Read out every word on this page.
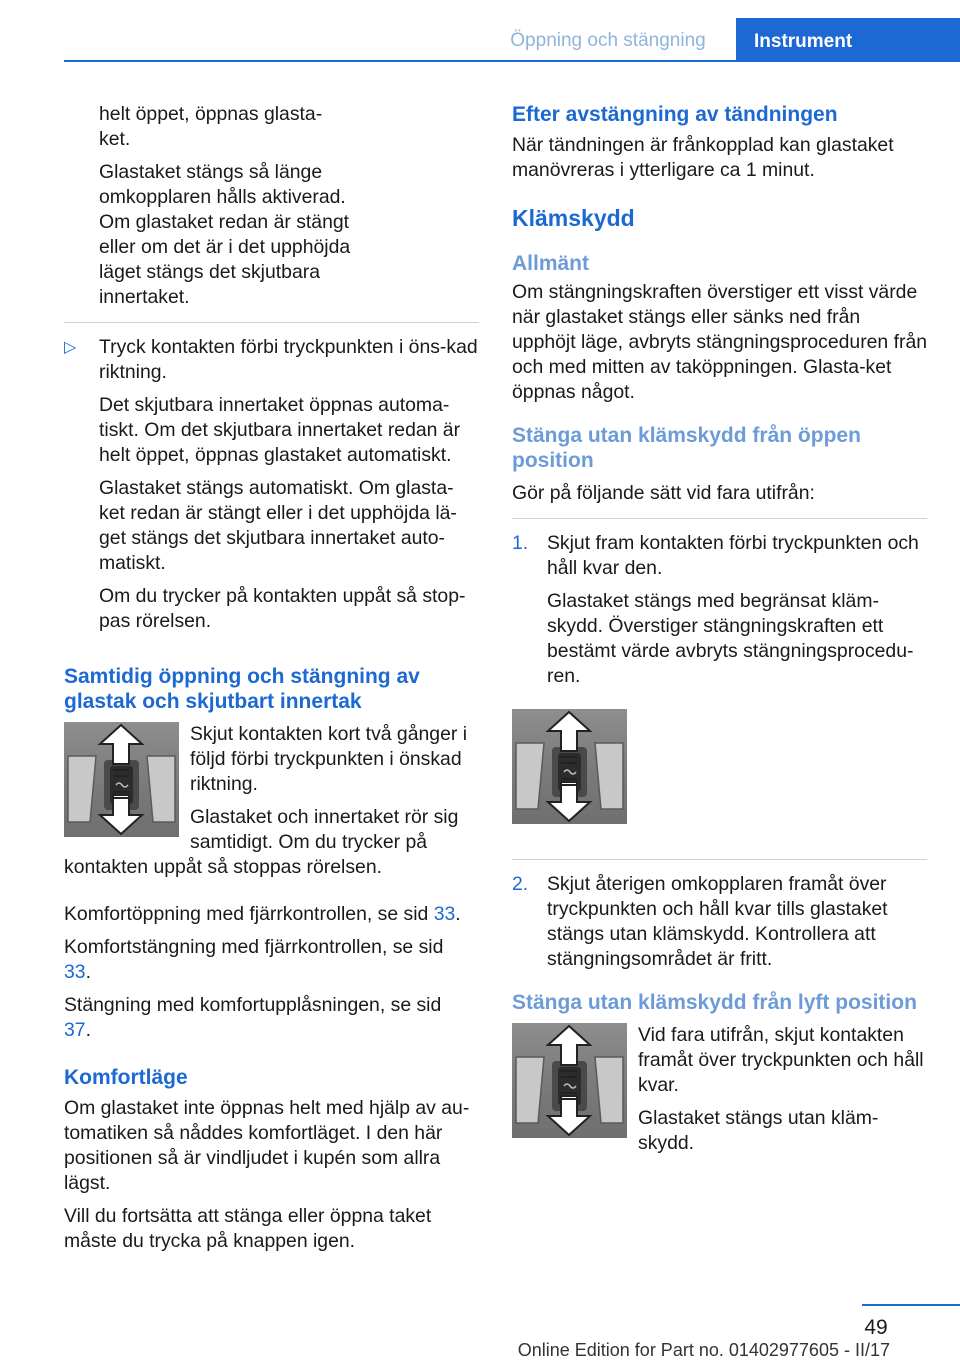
Öppning och stängning	Instrument

helt öppet, öppnas glasta-ket.

Glastaket stängs så länge omkopplaren hålls aktiverad. Om glastaket redan är stängt eller om det är i det upphöjda läget stängs det skjutbara innertaket.

▷ Tryck kontakten förbi tryckpunkten i öns-kad riktning.

Det skjutbara innertaket öppnas automa-tiskt. Om det skjutbara innertaket redan är helt öppet, öppnas glastaket automatiskt.

Glastaket stängs automatiskt. Om glasta-ket redan är stängt eller i det upphöjda lä-get stängs det skjutbara innertaket auto-matiskt.

Om du trycker på kontakten uppåt så stop-pas rörelsen.

Samtidig öppning och stängning av glastak och skjutbart innertak

Skjut kontakten kort två gånger i följd förbi tryckpunkten i önskad riktning.

Glastaket och innertaket rör sig samtidigt. Om du trycker på kontakten uppåt så stoppas rörelsen.

Komfortöppning med fjärrkontrollen, se sid 33.

Komfortstängning med fjärrkontrollen, se sid 33.

Stängning med komfortupplåsningen, se sid 37.

Komfortläge

Om glastaket inte öppnas helt med hjälp av au-tomatiken så nåddes komfortläget. I den här positionen så är vindljudet i kupén som allra lägst.

Vill du fortsätta att stänga eller öppna taket måste du trycka på knappen igen.

Efter avstängning av tändningen

När tändningen är frånkopplad kan glastaket manövreras i ytterligare ca 1 minut.

Klämskydd
Allmänt

Om stängningskraften överstiger ett visst värde när glastaket stängs eller sänks ned från upphöjt läge, avbryts stängningsproceduren från och med mitten av taköppningen. Glasta-ket öppnas något.

Stänga utan klämskydd från öppen position

Gör på följande sätt vid fara utifrån:

1. Skjut fram kontakten förbi tryckpunkten och håll kvar den.

Glastaket stängs med begränsat kläm-skydd. Överstiger stängningskraften ett bestämt värde avbryts stängningsprocedu-ren.

2. Skjut återigen omkopplaren framåt över tryckpunkten och håll kvar tills glastaket stängs utan klämskydd. Kontrollera att stängningsområdet är fritt.

Stänga utan klämskydd från lyft position

Vid fara utifrån, skjut kontakten framåt över tryckpunkten och håll kvar.

Glastaket stängs utan kläm-skydd.

49
Online Edition for Part no. 01402977605 - II/17
